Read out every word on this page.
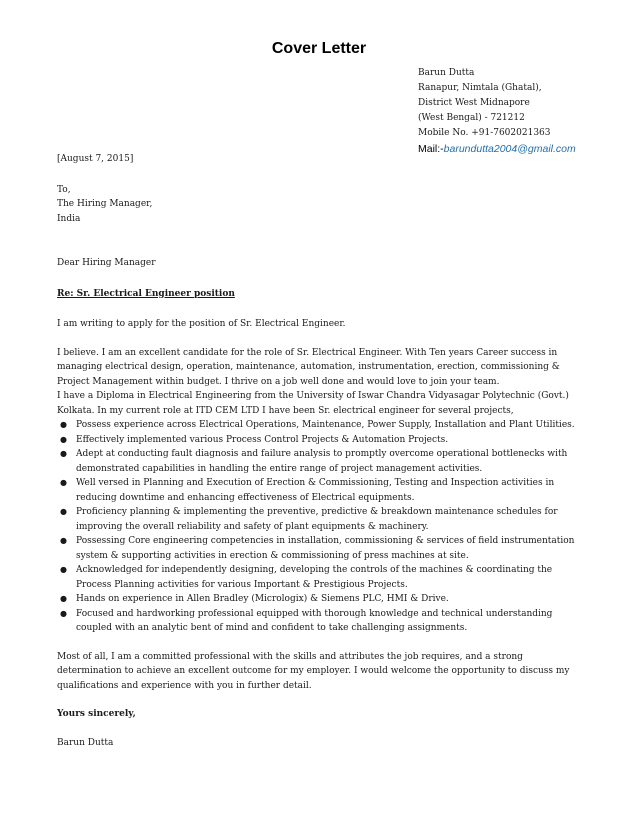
Cover Letter
Barun Dutta
Ranapur, Nimtala (Ghatal),
District West Midnapore
(West Bengal) - 721212
Mobile No. +91-7602021363
Mail:-barundutta2004@gmail.com

[August 7, 2015]

To,

The Hiring Manager,

India

Dear Hiring Manager

Re: Sr. Electrical Engineer position

I am writing to apply for the position of Sr. Electrical Engineer.

I believe. I am an excellent candidate for the role of Sr. Electrical Engineer. With Ten years Career success in managing electrical design, operation, maintenance, automation, instrumentation, erection, commissioning & Project Management within budget. I thrive on a job well done and would love to join your team.

I have a Diploma in Electrical Engineering from the University of Iswar Chandra Vidyasagar Polytechnic (Govt.) Kolkata. In my current role at ITD CEM LTD I have been Sr. electrical engineer for several projects,

● Possess experience across Electrical Operations, Maintenance, Power Supply, Installation and Plant Utilities.
● Effectively implemented various Process Control Projects & Automation Projects.
● Adept at conducting fault diagnosis and failure analysis to promptly overcome operational bottlenecks with demonstrated capabilities in handling the entire range of project management activities.
● Well versed in Planning and Execution of Erection & Commissioning, Testing and Inspection activities in reducing downtime and enhancing effectiveness of Electrical equipments.
● Proficiency planning & implementing the preventive, predictive & breakdown maintenance schedules for improving the overall reliability and safety of plant equipments & machinery.
● Possessing Core engineering competencies in installation, commissioning & services of field instrumentation system & supporting activities in erection & commissioning of press machines at site.
● Acknowledged for independently designing, developing the controls of the machines & coordinating the Process Planning activities for various Important & Prestigious Projects.
● Hands on experience in Allen Bradley (Micrologix) & Siemens PLC, HMI & Drive.
● Focused and hardworking professional equipped with thorough knowledge and technical understanding coupled with an analytic bent of mind and confident to take challenging assignments.

Most of all, I am a committed professional with the skills and attributes the job requires, and a strong determination to achieve an excellent outcome for my employer. I would welcome the opportunity to discuss my qualifications and experience with you in further detail.

Yours sincerely,

Barun Dutta
